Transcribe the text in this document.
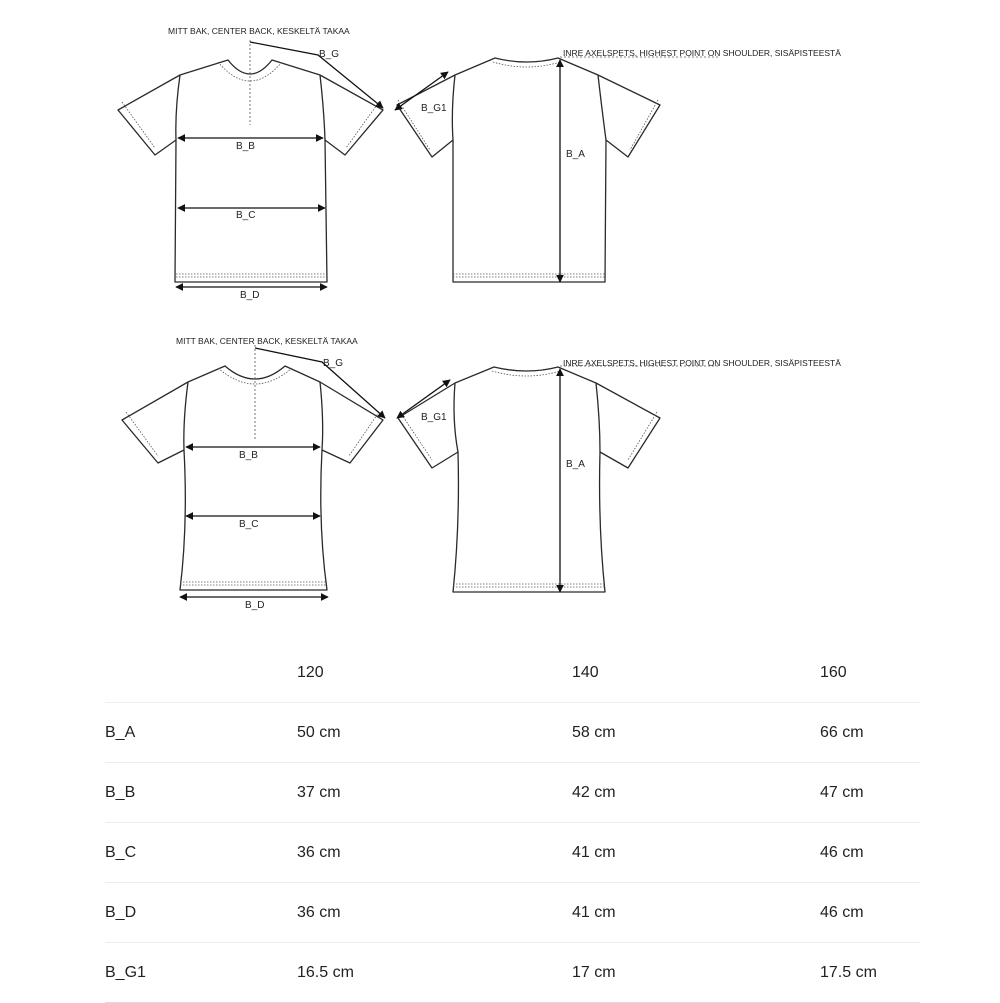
MITT BAK, CENTER BACK, KESKELTÄ TAKAA
B_G
B_B
B_C
B_D
INRE AXELSPETS, HIGHEST POINT ON SHOULDER, SISÄPISTEESTÄ
B_G1
B_A
MITT BAK, CENTER BACK, KESKELTÄ TAKAA
B_G
B_B
B_C
B_D
INRE AXELSPETS, HIGHEST POINT ON SHOULDER, SISÄPISTEESTÄ
B_G1
B_A
120	140	160
B_A	50 cm	58 cm	66 cm
B_B	37 cm	42 cm	47 cm
B_C	36 cm	41 cm	46 cm
B_D	36 cm	41 cm	46 cm
B_G1	16.5 cm	17 cm	17.5 cm
